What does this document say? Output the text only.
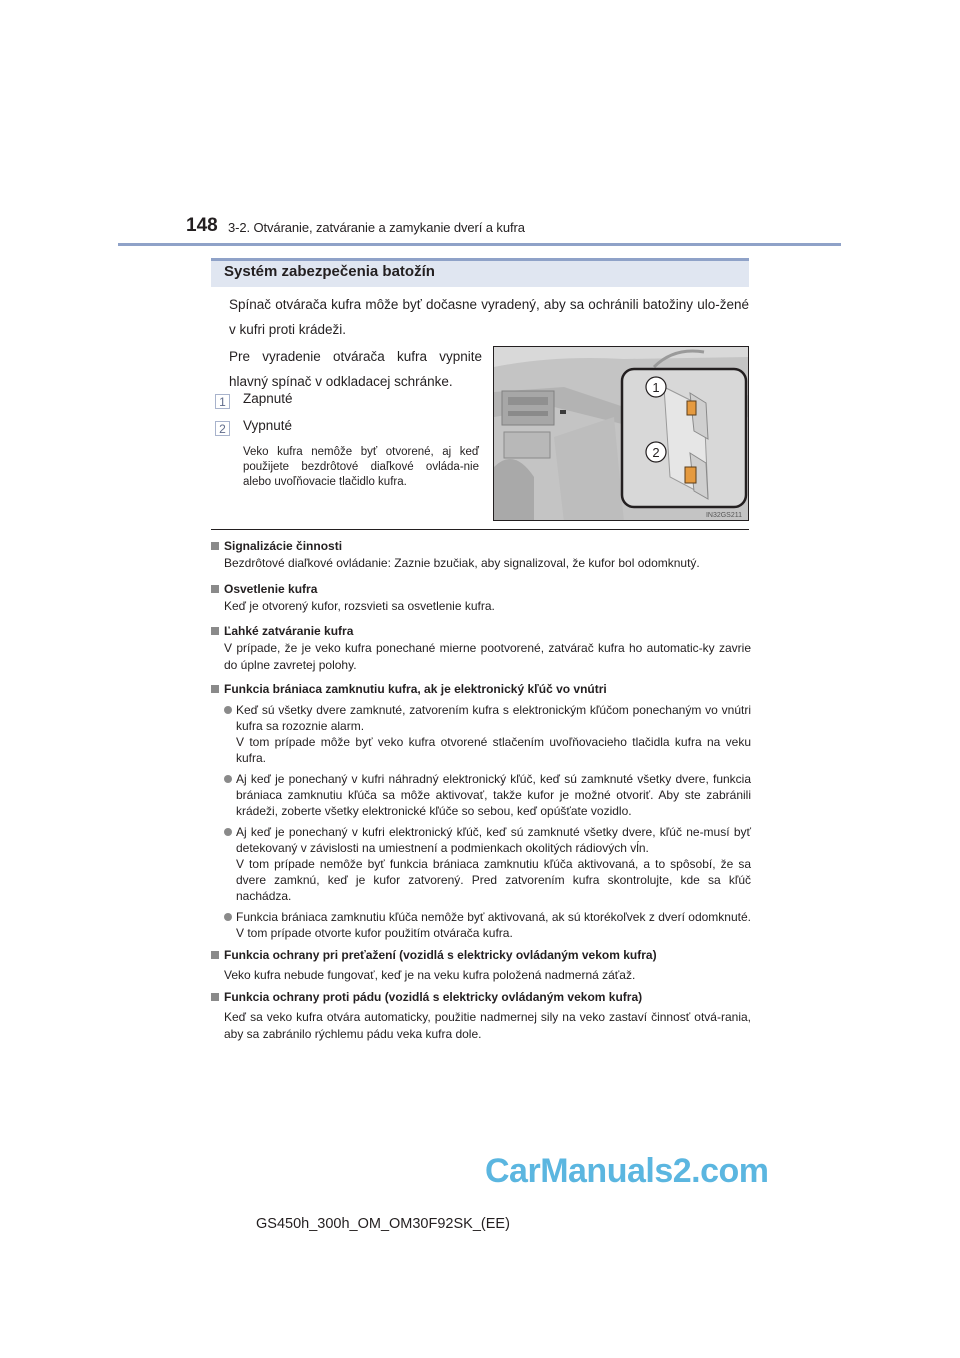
148 3-2. Otváranie, zatváranie a zamykanie dverí a kufra
Systém zabezpečenia batožín
Spínač otvárača kufra môže byť dočasne vyradený, aby sa ochránili batožiny ulo-žené v kufri proti krádeži.
Pre vyradenie otvárača kufra vypnite hlavný spínač v odkladacej schránke.
1	Zapnuté
2	Vypnuté
Veko kufra nemôže byť otvorené, aj keď použijete bezdrôtové diaľkové ovláda-nie alebo uvoľňovacie tlačidlo kufra.
1
2
IN32GS211
Signalizácie činnosti
Bezdrôtové diaľkové ovládanie: Zaznie bzučiak, aby signalizoval, že kufor bol odomknutý.
Osvetlenie kufra
Keď je otvorený kufor, rozsvieti sa osvetlenie kufra.
Ľahké zatváranie kufra
V prípade, že je veko kufra ponechané mierne pootvorené, zatvárač kufra ho automatic-ky zavrie do úplne zavretej polohy.
Funkcia brániaca zamknutiu kufra, ak je elektronický kľúč vo vnútri

Keď sú všetky dvere zamknuté, zatvorením kufra s elektronickým kľúčom ponechaným vo vnútri kufra sa rozoznie alarm.
V tom prípade môže byť veko kufra otvorené stlačením uvoľňovacieho tlačidla kufra na veku kufra.

Aj keď je ponechaný v kufri náhradný elektronický kľúč, keď sú zamknuté všetky dvere, funkcia brániaca zamknutiu kľúča sa môže aktivovať, takže kufor je možné otvoriť. Aby ste zabránili krádeži, zoberte všetky elektronické kľúče so sebou, keď opúšťate vozidlo.

Aj keď je ponechaný v kufri elektronický kľúč, keď sú zamknuté všetky dvere, kľúč ne-musí byť detekovaný v závislosti na umiestnení a podmienkach okolitých rádiových vĺn.
V tom prípade nemôže byť funkcia brániaca zamknutiu kľúča aktivovaná, a to spôsobí, že sa dvere zamknú, keď je kufor zatvorený. Pred zatvorením kufra skontrolujte, kde sa kľúč nachádza.

Funkcia brániaca zamknutiu kľúča nemôže byť aktivovaná, ak sú ktorékoľvek z dverí odomknuté. V tom prípade otvorte kufor použitím otvárača kufra.

Funkcia ochrany pri preťažení (vozidlá s elektricky ovládaným vekom kufra)
Veko kufra nebude fungovať, keď je na veku kufra položená nadmerná záťaž.
Funkcia ochrany proti pádu (vozidlá s elektricky ovládaným vekom kufra)
Keď sa veko kufra otvára automaticky, použitie nadmernej sily na veko zastaví činnosť otvá-rania, aby sa zabránilo rýchlemu pádu veka kufra dole.
CarManuals2.com
GS450h_300h_OM_OM30F92SK_(EE)
